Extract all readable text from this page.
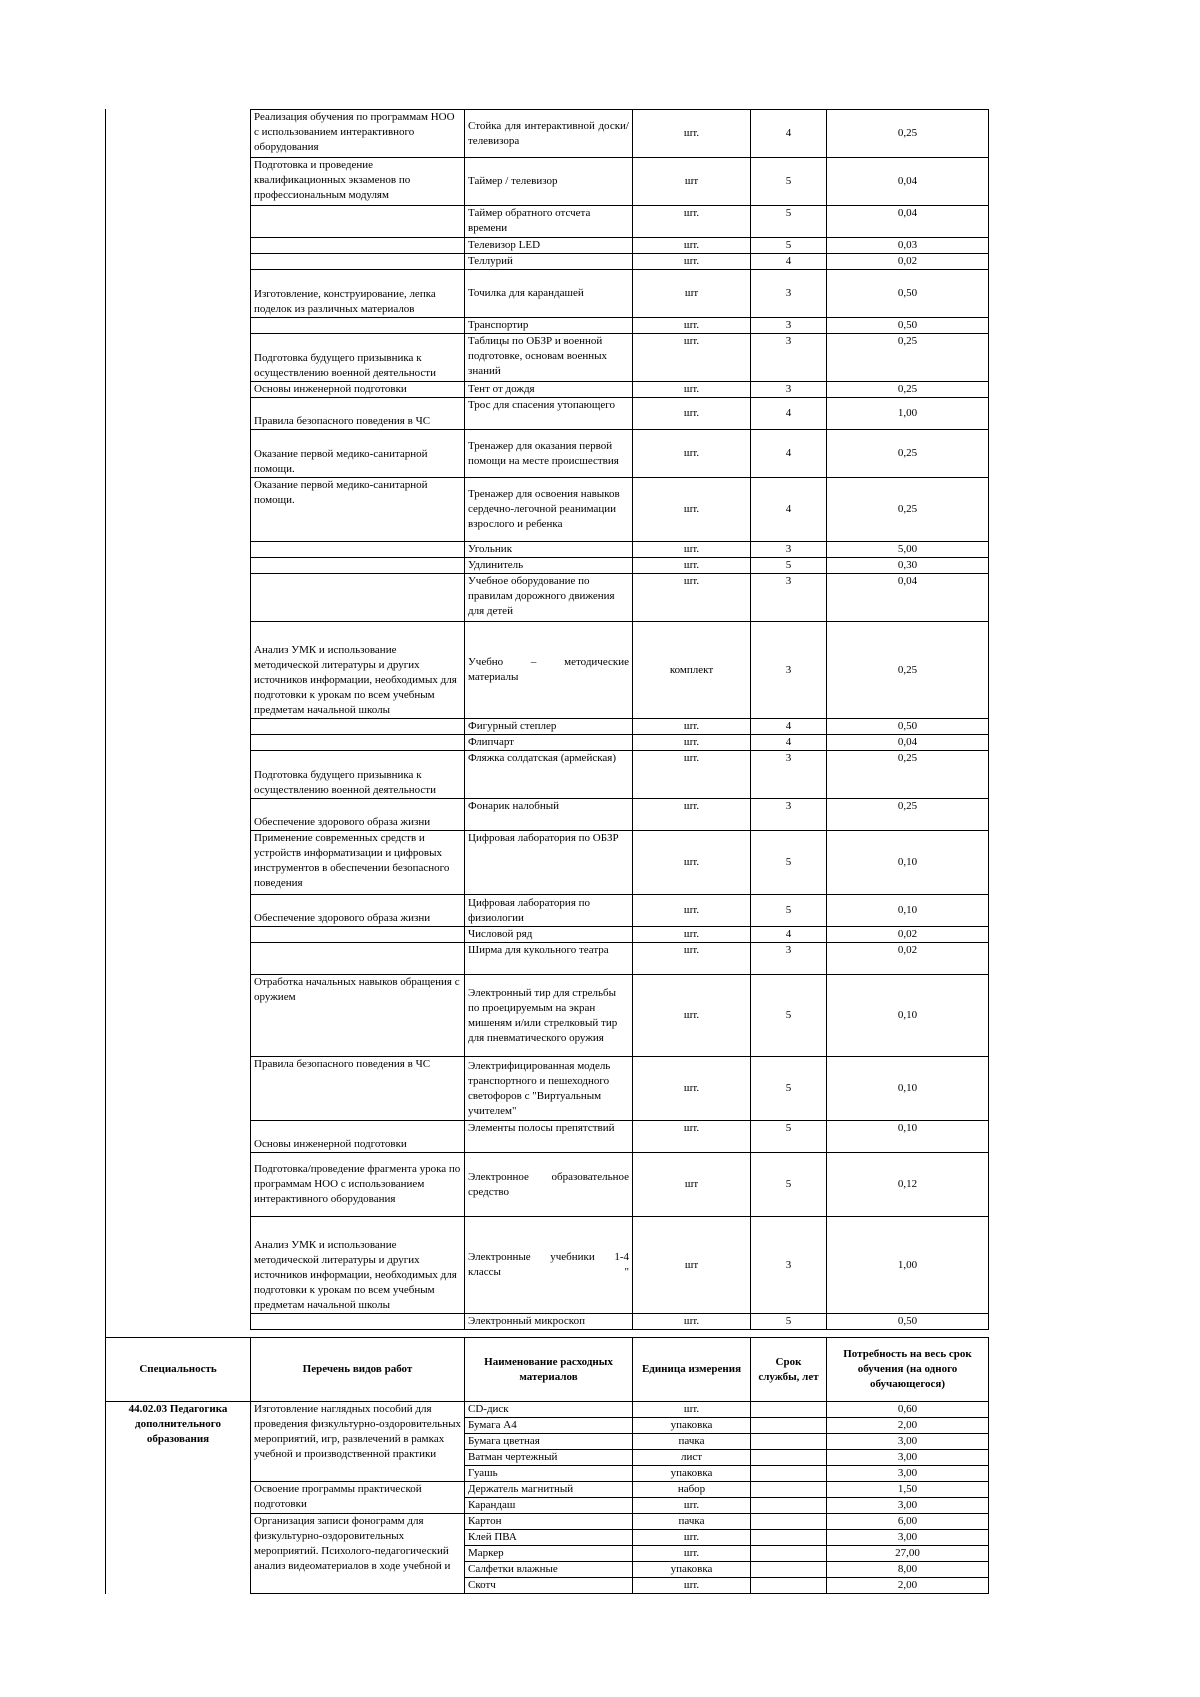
Реализация обучения по программам НОО с использованием интерактивного оборудования	Стойка для интерактивной доски/телевизора	шт.	4	0,25
Подготовка и проведение квалификационных экзаменов по профессиональным модулям	Таймер / телевизор	шт	5	0,04
	Таймер обратного отсчета времени	шт.	5	0,04
	Телевизор LED	шт.	5	0,03
	Теллурий	шт.	4	0,02
Изготовление, конструирование, лепка поделок из различных материалов	Точилка для карандашей	шт	3	0,50
	Транспортир	шт.	3	0,50
Подготовка будущего призывника к осуществлению военной деятельности	Таблицы по ОБЗР и военной подготовке, основам военных знаний	шт.	3	0,25
Основы инженерной подготовки	Тент от дождя	шт.	3	0,25
Правила безопасного поведения в ЧС	Трос для спасения утопающего	шт.	4	1,00
Оказание первой медико-санитарной помощи.	Тренажер для оказания первой помощи на месте происшествия	шт.	4	0,25
Оказание первой медико-санитарной помощи.	Тренажер для освоения навыков сердечно-легочной реанимации взрослого и ребенка	шт.	4	0,25
	Угольник	шт.	3	5,00
	Удлинитель	шт.	5	0,30
	Учебное оборудование по правилам дорожного движения для детей	шт.	3	0,04
Анализ УМК и использование методической литературы и других источников информации, необходимых для подготовки к урокам по всем учебным предметам начальной школы	Учебно – методические материалы	комплект	3	0,25
	Фигурный степлер	шт.	4	0,50
	Флипчарт	шт.	4	0,04
Подготовка будущего призывника к осуществлению военной деятельности	Фляжка солдатская (армейская)	шт.	3	0,25
Обеспечение здорового образа жизни	Фонарик налобный	шт.	3	0,25
Применение современных средств и устройств информатизации и цифровых инструментов в обеспечении безопасного поведения	Цифровая лаборатория по ОБЗР	шт.	5	0,10
Обеспечение здорового образа жизни	Цифровая лаборатория по физиологии	шт.	5	0,10
	Числовой ряд	шт.	4	0,02
	Ширма для кукольного театра	шт.	3	0,02
Отработка начальных навыков обращения с оружием	Электронный тир для стрельбы по проецируемым на экран мишеням и/или стрелковый тир для пневматического оружия	шт.	5	0,10
Правила безопасного поведения в ЧС	Электрифицированная модель транспортного и пешеходного светофоров с "Виртуальным учителем"	шт.	5	0,10
Основы инженерной подготовки	Элементы полосы препятствий	шт.	5	0,10
Подготовка/проведение фрагмента урока по программам НОО с использованием интерактивного оборудования	Электронное образовательное средство	шт	5	0,12
Анализ УМК и использование методической литературы и других источников информации, необходимых для подготовки к урокам по всем учебным предметам начальной школы	Электронные учебники 1-4 классы "	шт	3	1,00
	Электронный микроскоп	шт.	5	0,50
Специальность	Перечень видов работ	Наименование расходных материалов	Единица измерения	Срок службы, лет	Потребность на весь срок обучения (на одного обучающегося)
44.02.03 Педагогика дополнительного образования	Изготовление наглядных пособий для проведения физкультурно-оздоровительных мероприятий, игр, развлечений в рамках учебной и производственной практики	CD-диск	шт.		0,60
		Бумага А4	упаковка		2,00
		Бумага цветная	пачка		3,00
		Ватман чертежный	лист		3,00
		Гуашь	упаковка		3,00
	Освоение программы практической подготовки	Держатель магнитный	набор		1,50
		Карандаш	шт.		3,00
	Организация записи фонограмм для физкультурно-оздоровительных мероприятий. Психолого-педагогический анализ видеоматериалов в ходе учебной и	Картон	пачка		6,00
		Клей ПВА	шт.		3,00
		Маркер	шт.		27,00
		Салфетки влажные	упаковка		8,00
		Скотч	шт.		2,00
